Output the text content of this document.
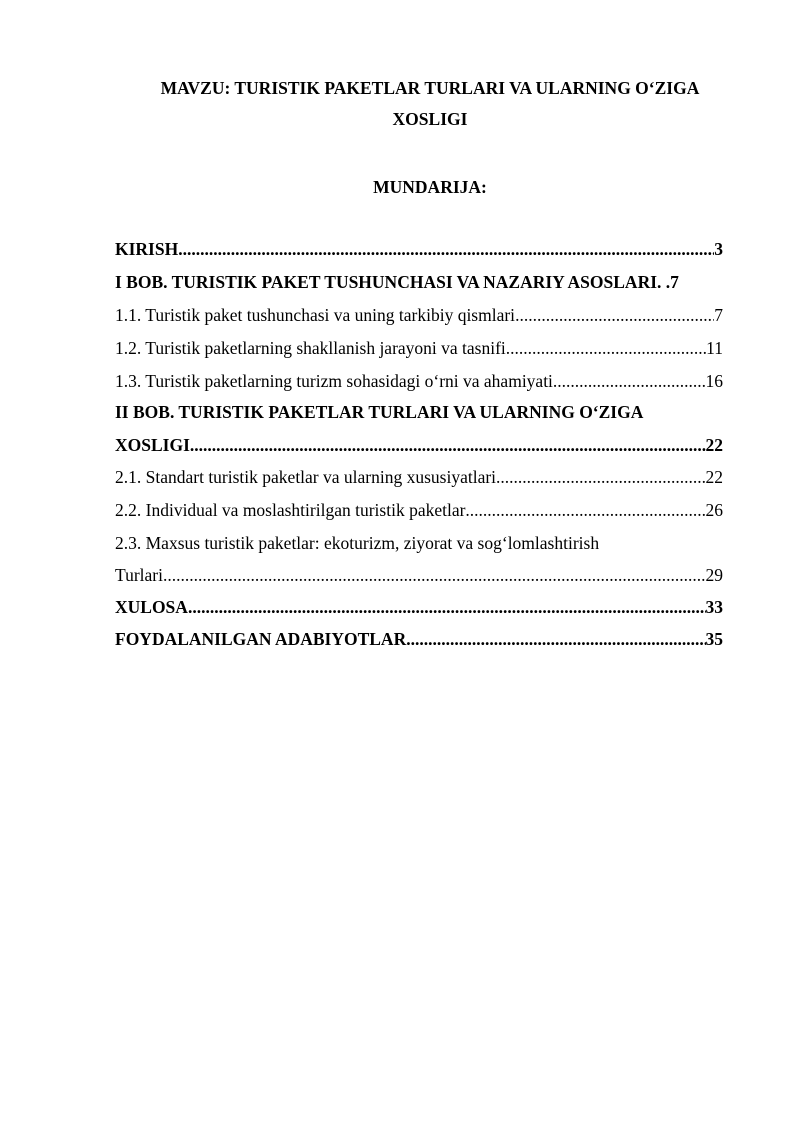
MAVZU: TURISTIK PAKETLAR TURLARI VA ULARNING O‘ZIGA
XOSLIGI
MUNDARIJA:
KIRISH .....	3
I BOB. TURISTIK PAKET TUSHUNCHASI VA NAZARIY ASOSLARI. . 7
1.1. Turistik paket tushunchasi va uning tarkibiy qismlari .....	7
1.2. Turistik paketlarning shakllanish jarayoni va tasnifi .....	11
1.3. Turistik paketlarning turizm sohasidagi o‘rni va ahamiyati .....	16
II BOB. TURISTIK PAKETLAR TURLARI VA ULARNING O‘ZIGA
XOSLIGI .....	22
2.1. Standart turistik paketlar va ularning xususiyatlari .....	22
2.2. Individual va moslashtirilgan turistik paketlar .....	26
2.3. Maxsus turistik paketlar: ekoturizm, ziyorat va sog‘lomlashtirish
Turlari .....	29
XULOSA .....	33
FOYDALANILGAN ADABIYOTLAR .....	35
